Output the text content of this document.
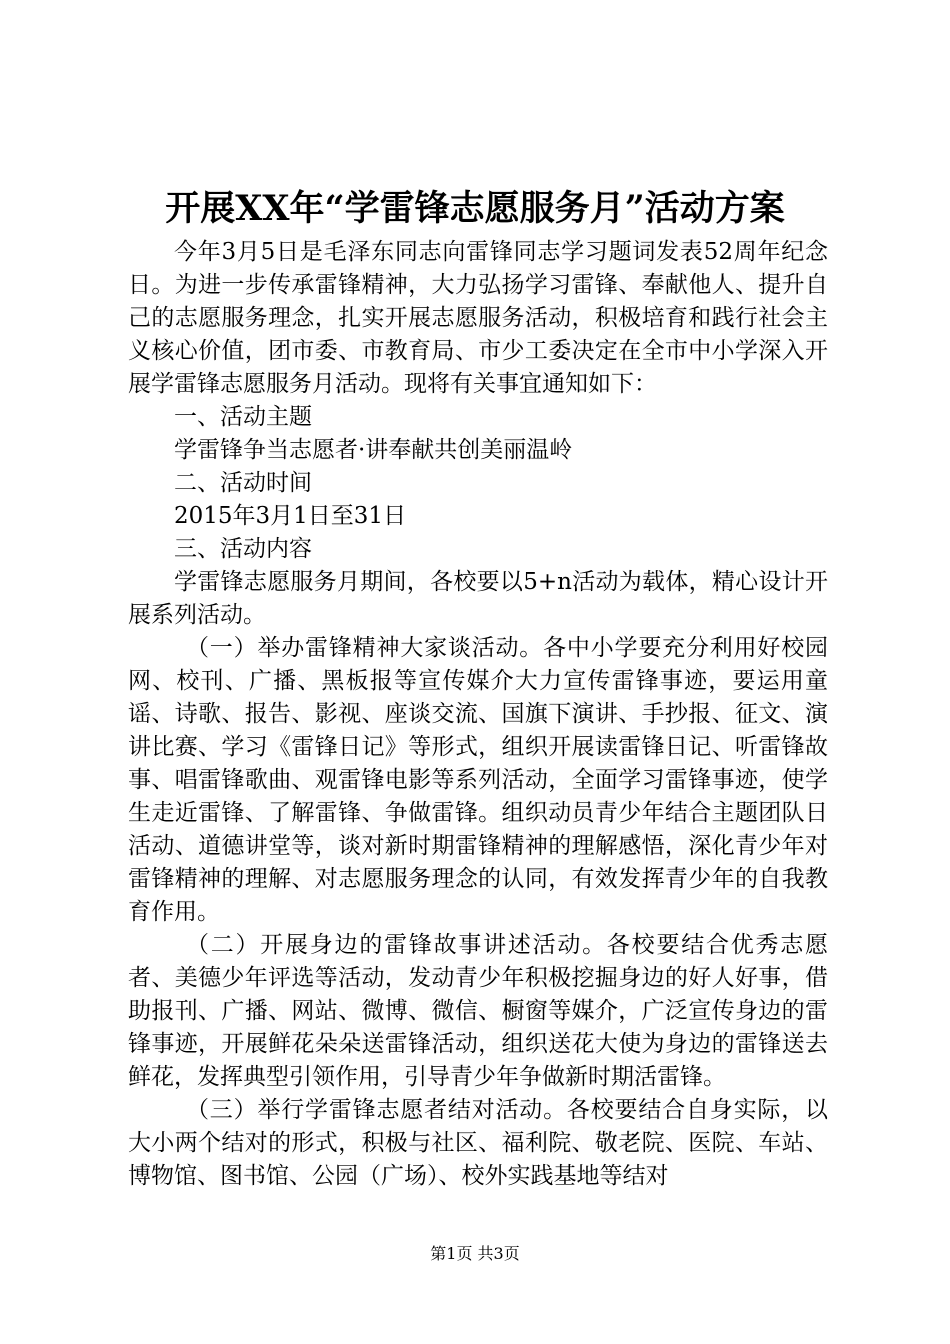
开展XX年“学雷锋志愿服务月”活动方案

今年3月5日是毛泽东同志向雷锋同志学习题词发表52周年纪念日。为进一步传承雷锋精神，大力弘扬学习雷锋、奉献他人、提升自己的志愿服务理念，扎实开展志愿服务活动，积极培育和践行社会主义核心价值，团市委、市教育局、市少工委决定在全市中小学深入开展学雷锋志愿服务月活动。现将有关事宜通知如下：

一、活动主题

学雷锋争当志愿者·讲奉献共创美丽温岭

二、活动时间

2015年3月1日至31日

三、活动内容

学雷锋志愿服务月期间，各校要以5+n活动为载体，精心设计开展系列活动。

（一）举办雷锋精神大家谈活动。各中小学要充分利用好校园网、校刊、广播、黑板报等宣传媒介大力宣传雷锋事迹，要运用童谣、诗歌、报告、影视、座谈交流、国旗下演讲、手抄报、征文、演讲比赛、学习《雷锋日记》等形式，组织开展读雷锋日记、听雷锋故事、唱雷锋歌曲、观雷锋电影等系列活动，全面学习雷锋事迹，使学生走近雷锋、了解雷锋、争做雷锋。组织动员青少年结合主题团队日活动、道德讲堂等，谈对新时期雷锋精神的理解感悟，深化青少年对雷锋精神的理解、对志愿服务理念的认同，有效发挥青少年的自我教育作用。

（二）开展身边的雷锋故事讲述活动。各校要结合优秀志愿者、美德少年评选等活动，发动青少年积极挖掘身边的好人好事，借助报刊、广播、网站、微博、微信、橱窗等媒介，广泛宣传身边的雷锋事迹，开展鲜花朵朵送雷锋活动，组织送花大使为身边的雷锋送去鲜花，发挥典型引领作用，引导青少年争做新时期活雷锋。

（三）举行学雷锋志愿者结对活动。各校要结合自身实际，以大小两个结对的形式，积极与社区、福利院、敬老院、医院、车站、博物馆、图书馆、公园（广场）、校外实践基地等结对

第1页 共3页
